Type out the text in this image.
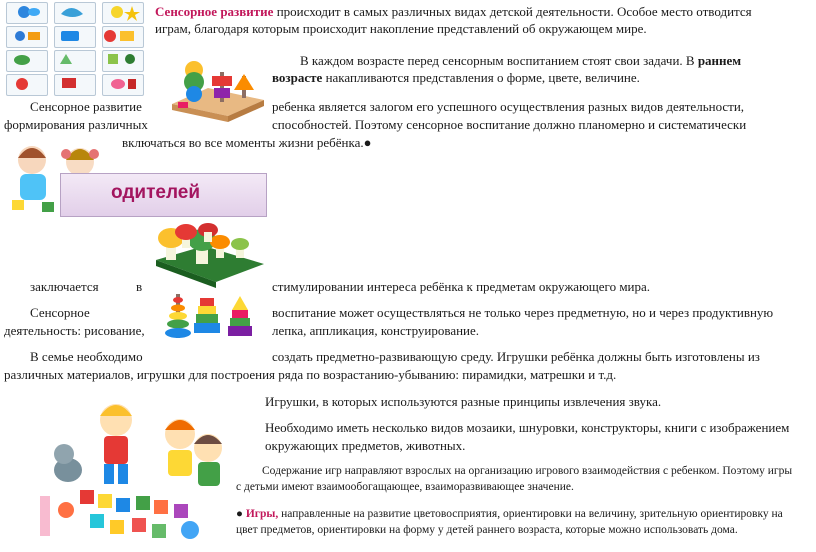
одителей
Сенсорное развитие происходит в самых различных видах детской деятельности. Особое место отводится
играм, благодаря которым происходит накопление представлений об окружающем мире.
В каждом возрасте перед сенсорным воспитанием стоят свои задачи. В раннем
возрасте накапливаются представления о форме, цвете, величине.
Сенсорное развитие	ребенка является залогом его успешного осуществления разных видов деятельности,
формирования различных	способностей. Поэтому сенсорное воспитание должно планомерно и систематически
включаться во все моменты жизни ребёнка.●
заключается	в	стимулировании интереса ребёнка к предметам окружающего мира.
Сенсорное	воспитание может осуществляться не только через предметную, но и через продуктивную
деятельность: рисование,	лепка, аппликация, конструирование.
В семье необходимо	создать предметно-развивающую среду. Игрушки ребёнка должны быть изготовлены из
различных материалов, игрушки для построения ряда по возрастанию-убыванию: пирамидки, матрешки и т.д.
Игрушки, в которых используются разные принципы извлечения звука.
Необходимо иметь несколько видов мозаики, шнуровки, конструкторы, книги с изображением
окружающих предметов, животных.
Содержание игр направляют взрослых на организацию игрового взаимодействия с ребенком. Поэтому игры
с детьми имеют взаимообогащающее, взаиморазвивающее значение.
● Игры, направленные на развитие цветовосприятия, ориентировки на величину, зрительную ориентировку на
цвет предметов, ориентировки на форму у детей раннего возраста, которые можно использовать дома.
